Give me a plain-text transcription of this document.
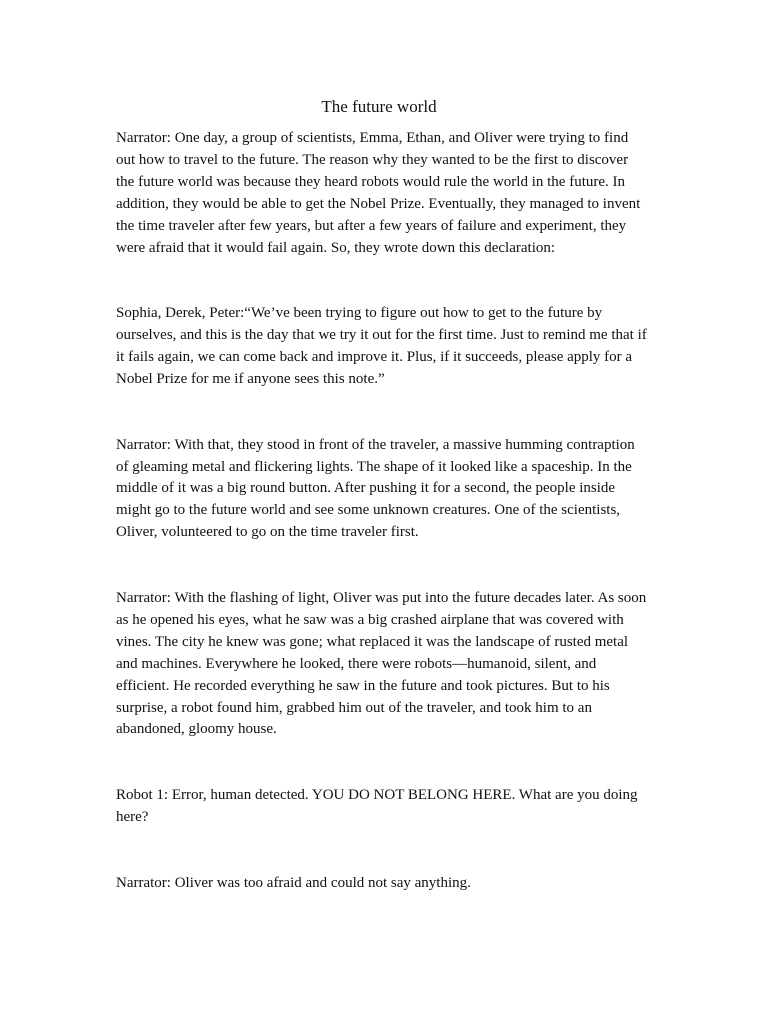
The future world

Narrator: One day, a group of scientists, Emma, Ethan, and Oliver were trying to find out how to travel to the future. The reason why they wanted to be the first to discover the future world was because they heard robots would rule the world in the future. In addition, they would be able to get the Nobel Prize. Eventually, they managed to invent the time traveler after few years, but after a few years of failure and experiment, they were afraid that it would fail again. So, they wrote down this declaration:

Sophia, Derek, Peter:“We’ve been trying to figure out how to get to the future by ourselves, and this is the day that we try it out for the first time. Just to remind me that if it fails again, we can come back and improve it. Plus, if it succeeds, please apply for a Nobel Prize for me if anyone sees this note.”

Narrator: With that, they stood in front of the traveler, a massive humming contraption of gleaming metal and flickering lights. The shape of it looked like a spaceship. In the middle of it was a big round button. After pushing it for a second, the people inside might go to the future world and see some unknown creatures. One of the scientists, Oliver, volunteered to go on the time traveler first.

Narrator: With the flashing of light, Oliver was put into the future decades later. As soon as he opened his eyes, what he saw was a big crashed airplane that was covered with vines. The city he knew was gone; what replaced it was the landscape of rusted metal and machines. Everywhere he looked, there were robots—humanoid, silent, and efficient. He recorded everything he saw in the future and took pictures. But to his surprise, a robot found him, grabbed him out of the traveler, and took him to an abandoned, gloomy house.

Robot 1: Error, human detected. YOU DO NOT BELONG HERE. What are you doing here?

Narrator: Oliver was too afraid and could not say anything.
